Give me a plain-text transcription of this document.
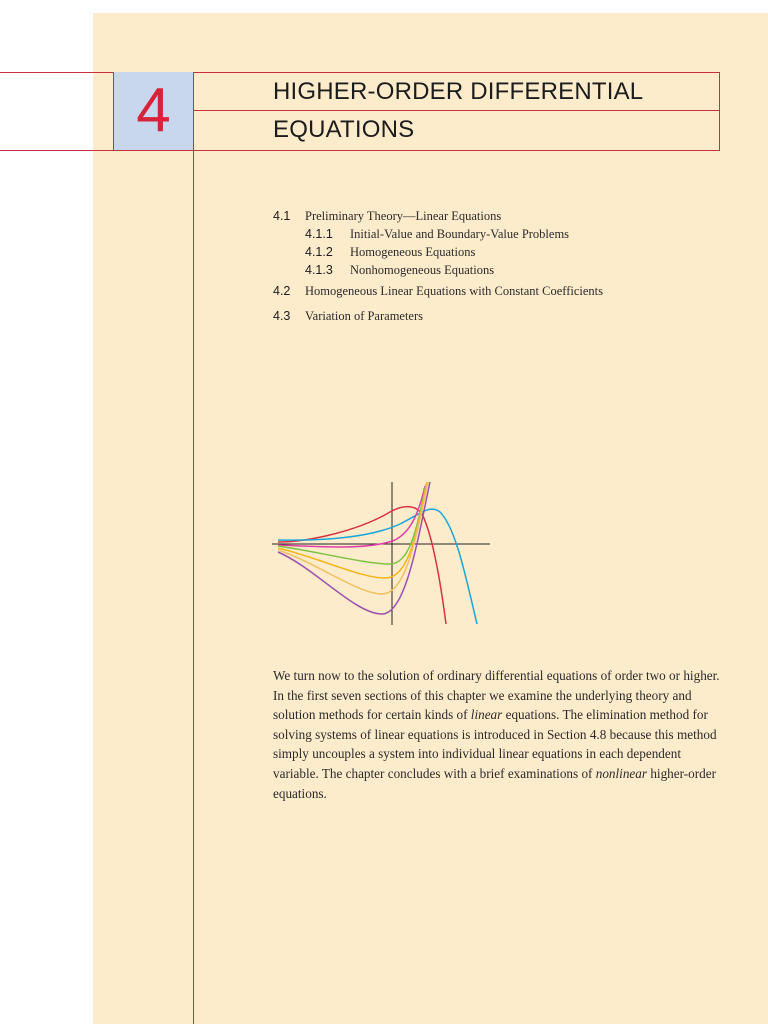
4	HIGHER-ORDER DIFFERENTIAL
EQUATIONS
4.1 Preliminary Theory—Linear Equations
4.1.1 Initial-Value and Boundary-Value Problems
4.1.2 Homogeneous Equations
4.1.3 Nonhomogeneous Equations
4.2 Homogeneous Linear Equations with Constant Coefficients
4.3 Variation of Parameters

We turn now to the solution of ordinary differential equations of order two or higher. In the first seven sections of this chapter we examine the underlying theory and solution methods for certain kinds of linear equations. The elimination method for solving systems of linear equations is introduced in Section 4.8 because this method simply uncouples a system into individual linear equations in each dependent variable. The chapter concludes with a brief examinations of nonlinear higher-order equations.
